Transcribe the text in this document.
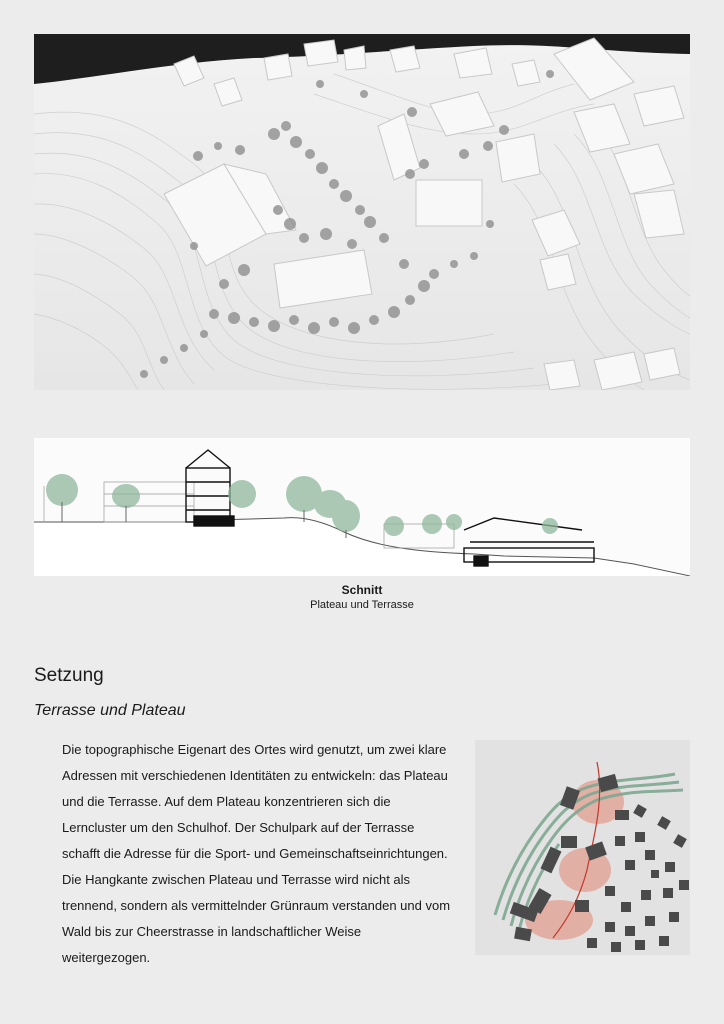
Schnitt
Plateau und Terrasse
Setzung
Terrasse und Plateau

Die topographische Eigenart des Ortes wird genutzt, um zwei klare Adressen mit verschiedenen Identitäten zu entwickeln: das Plateau und die Terrasse. Auf dem Plateau konzentrieren sich die Lerncluster um den Schulhof. Der Schulpark auf der Terrasse schafft die Adresse für die Sport- und Gemeinschaftseinrichtungen.

Die Hangkante zwischen Plateau und Terrasse wird nicht als trennend, sondern als vermittelnder Grünraum verstanden und vom Wald bis zur Cheerstrasse in landschaftlicher Weise weitergezogen.
